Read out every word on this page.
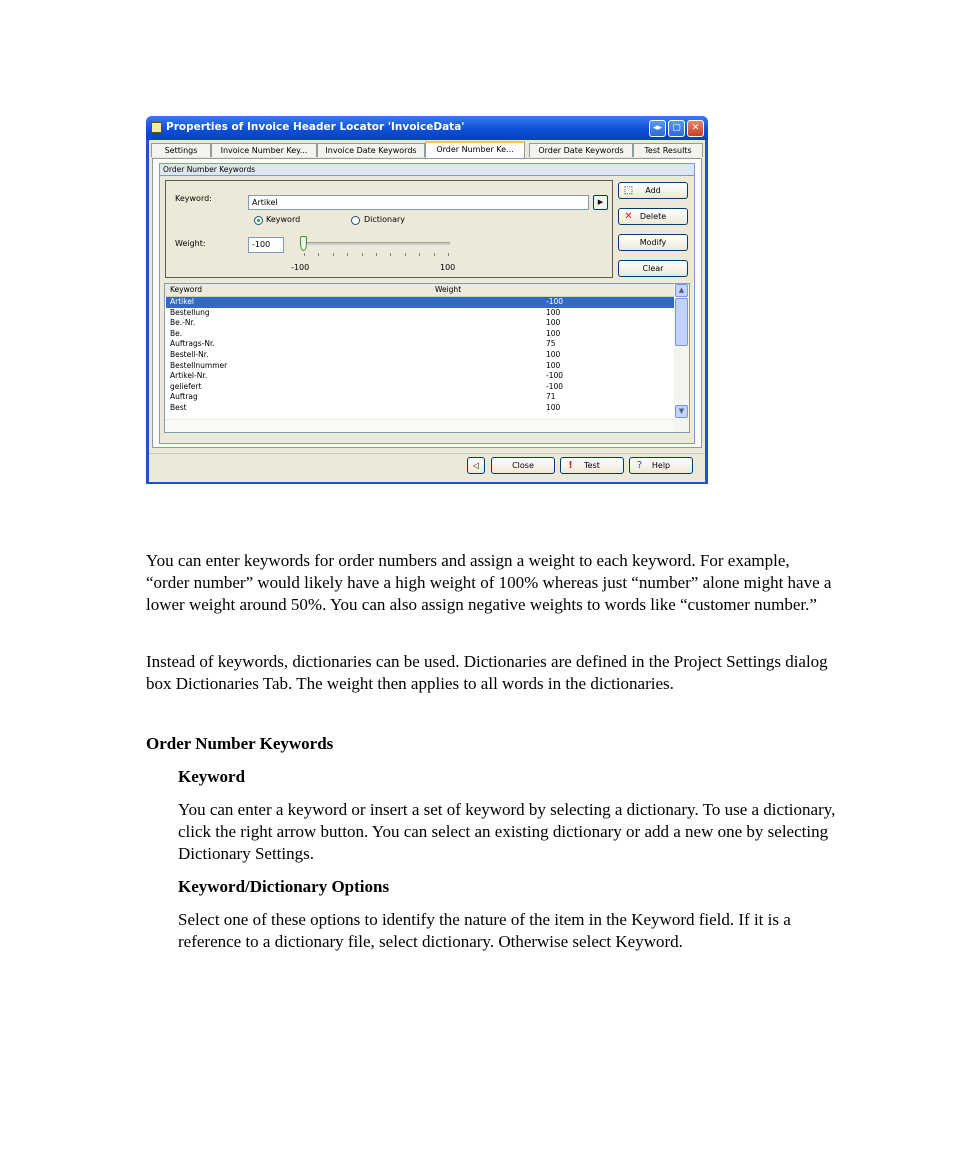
Properties of Invoice Header Locator 'InvoiceData'	◂▸	▢	✕
Settings	Invoice Number Key...	Invoice Date Keywords	Order Number Ke...	Order Date Keywords	Test Results
Order Number Keywords
Keyword:	Artikel	▶
Keyword	Dictionary
Weight:	-100
-100	100
⬚ Add
✕ Delete
Modify
Clear
Keyword	Weight
Artikel	-100
Bestellung	100
Be.-Nr.	100
Be.	100
Auftrags-Nr.	75
Bestell-Nr.	100
Bestellnummer	100
Artikel-Nr.	-100
geliefert	-100
Auftrag	71
Best	100
▲
▼
◁	Close	!	Test	?	Help

You can enter keywords for order numbers and assign a weight to each keyword. For example, “order number” would likely have a high weight of 100% whereas just “number” alone might have a lower weight around 50%. You can also assign negative weights to words like “customer number.”

Instead of keywords, dictionaries can be used. Dictionaries are defined in the Project Settings dialog box Dictionaries Tab. The weight then applies to all words in the dictionaries.

Order Number Keywords

Keyword

You can enter a keyword or insert a set of keyword by selecting a dictionary. To use a dictionary, click the right arrow button. You can select an existing dictionary or add a new one by selecting Dictionary Settings.

Keyword/Dictionary Options

Select one of these options to identify the nature of the item in the Keyword field. If it is a reference to a dictionary file, select dictionary. Otherwise select Keyword.
